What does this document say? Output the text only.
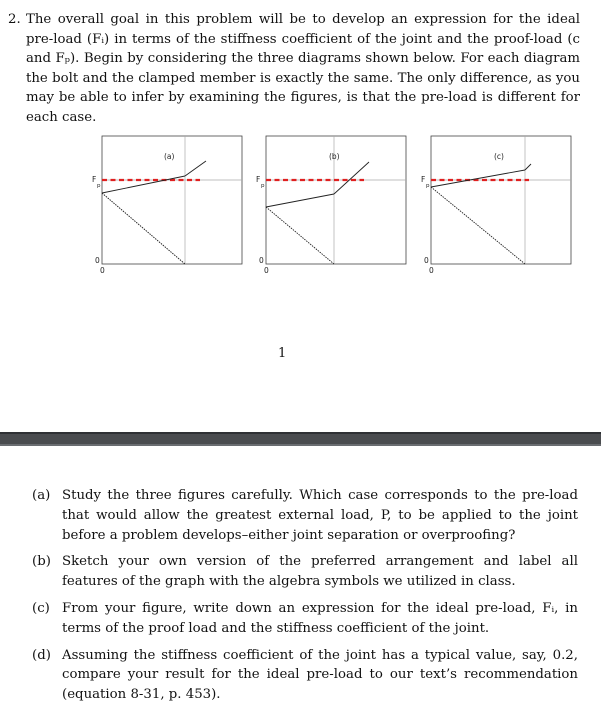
2. The overall goal in this problem will be to develop an expression for the ideal pre-load (Fᵢ) in terms of the stiffness coefficient of the joint and the proof-load (c and Fₚ). Begin by considering the three diagrams shown below. For each diagram the bolt and the clamped member is exactly the same. The only difference, as you may be able to infer by examining the figures, is that the pre-load is different for each case.
(a)
F
p
0
0
(b)
F
p
0
0
(c)
F
p
0
0
1
(a) Study the three figures carefully. Which case corresponds to the pre-load that would allow the greatest external load, P, to be applied to the joint before a problem develops–either joint separation or overproofing?
(b) Sketch your own version of the preferred arrangement and label all features of the graph with the algebra symbols we utilized in class.
(c) From your figure, write down an expression for the ideal pre-load, Fᵢ, in terms of the proof load and the stiffness coefficient of the joint.
(d) Assuming the stiffness coefficient of the joint has a typical value, say, 0.2, compare your result for the ideal pre-load to our text’s recommendation (equation 8-31, p. 453).
